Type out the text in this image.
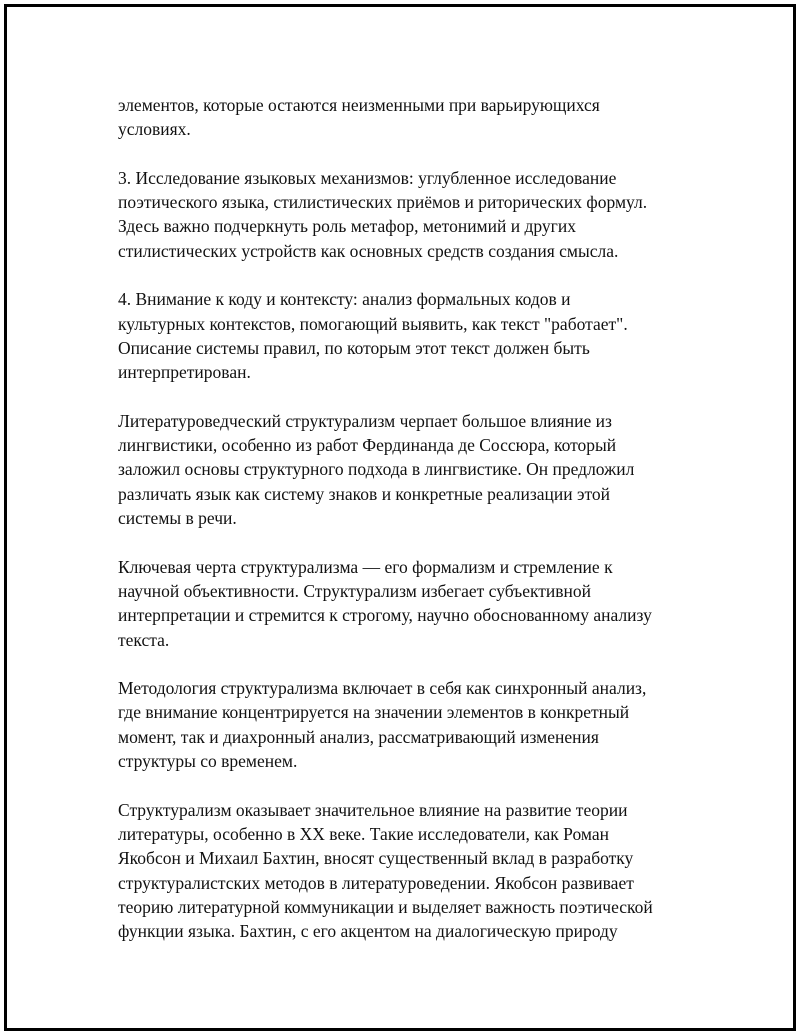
элементов, которые остаются неизменными при варьирующихся
условиях.

3. Исследование языковых механизмов: углубленное исследование
поэтического языка, стилистических приёмов и риторических формул.
Здесь важно подчеркнуть роль метафор, метонимий и других
стилистических устройств как основных средств создания смысла.

4. Внимание к коду и контексту: анализ формальных кодов и
культурных контекстов, помогающий выявить, как текст "работает".
Описание системы правил, по которым этот текст должен быть
интерпретирован.

Литературоведческий структурализм черпает большое влияние из
лингвистики, особенно из работ Фердинанда де Соссюра, который
заложил основы структурного подхода в лингвистике. Он предложил
различать язык как систему знаков и конкретные реализации этой
системы в речи.

Ключевая черта структурализма — его формализм и стремление к
научной объективности. Структурализм избегает субъективной
интерпретации и стремится к строгому, научно обоснованному анализу
текста.

Методология структурализма включает в себя как синхронный анализ,
где внимание концентрируется на значении элементов в конкретный
момент, так и диахронный анализ, рассматривающий изменения
структуры со временем.

Структурализм оказывает значительное влияние на развитие теории
литературы, особенно в XX веке. Такие исследователи, как Роман
Якобсон и Михаил Бахтин, вносят существенный вклад в разработку
структуралистских методов в литературоведении. Якобсон развивает
теорию литературной коммуникации и выделяет важность поэтической
функции языка. Бахтин, с его акцентом на диалогическую природу
